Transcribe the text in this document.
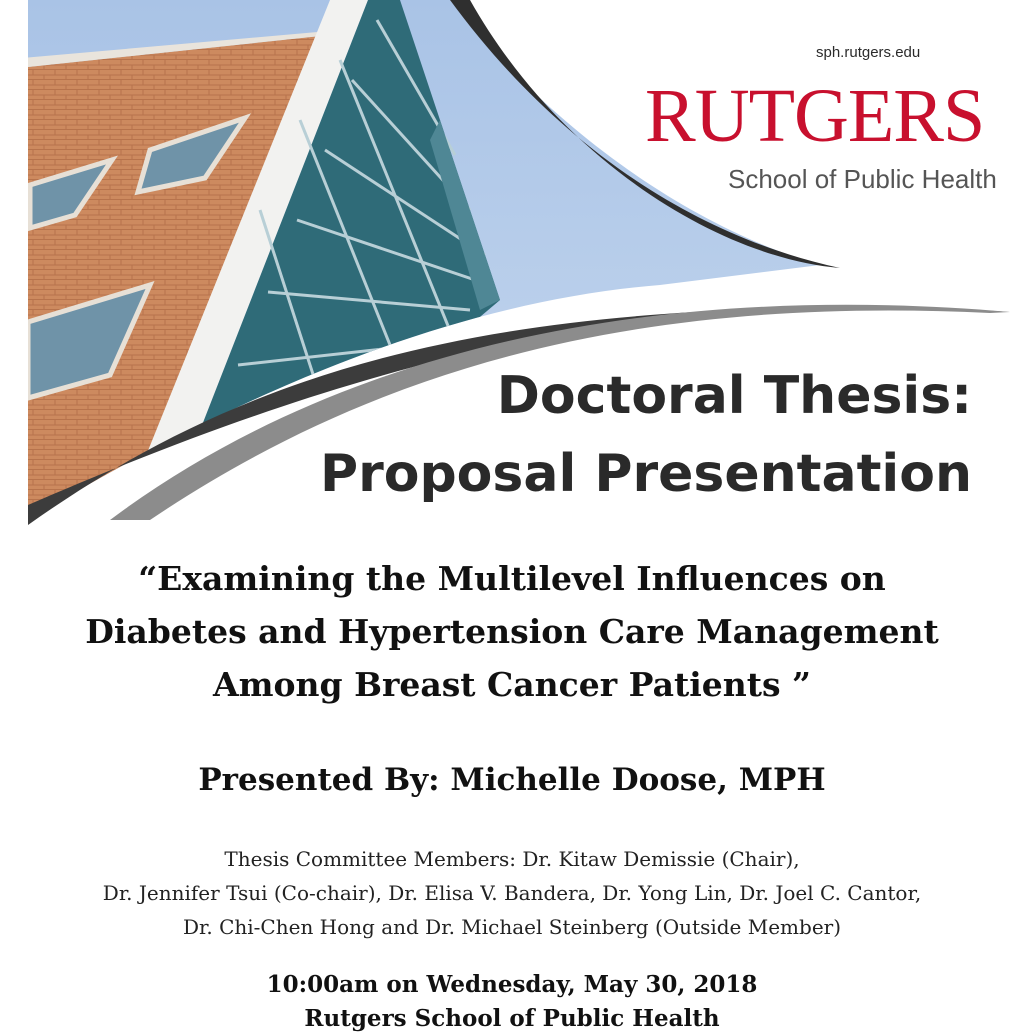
sph.rutgers.edu
RUTGERS
School of Public Health
Doctoral Thesis:
Proposal Presentation
“Examining the Multilevel Influences on
Diabetes and Hypertension Care Management
Among Breast Cancer Patients ”
Presented By: Michelle Doose, MPH
Thesis Committee Members: Dr. Kitaw Demissie (Chair),
Dr. Jennifer Tsui (Co-chair), Dr. Elisa V. Bandera, Dr. Yong Lin, Dr. Joel C. Cantor,
Dr. Chi-Chen Hong and Dr. Michael Steinberg (Outside Member)
10:00am on Wednesday, May 30, 2018
Rutgers School of Public Health
